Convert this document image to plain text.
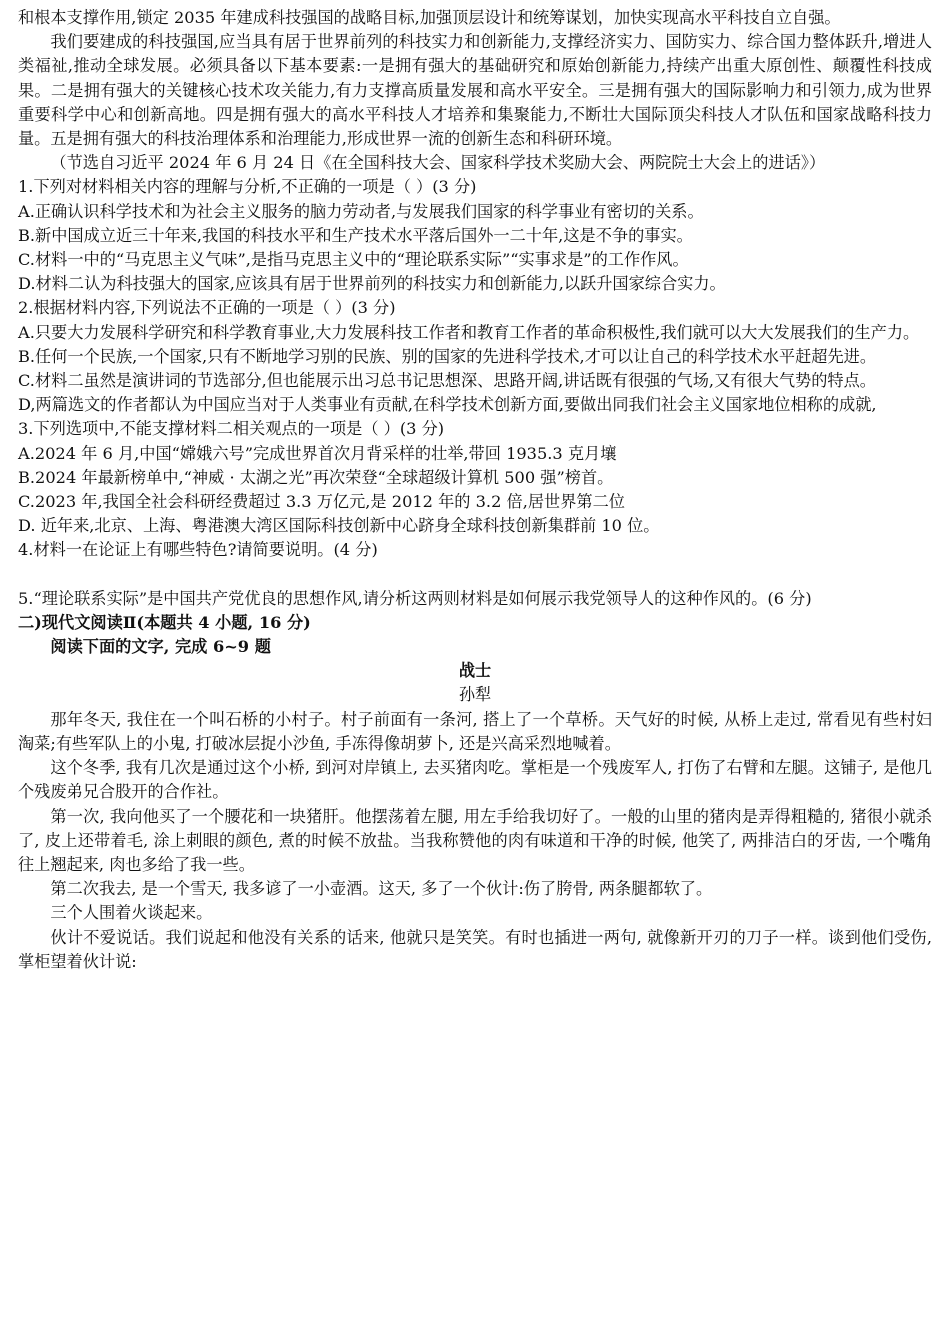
和根本支撑作用,锁定 2035 年建成科技强国的战略目标,加强顶层设计和统筹谋划，加快实现高水平科技自立自强。

我们要建成的科技强国,应当具有居于世界前列的科技实力和创新能力,支撑经济实力、国防实力、综合国力整体跃升,增进人类福祉,推动全球发展。必须具备以下基本要素:一是拥有强大的基础研究和原始创新能力,持续产出重大原创性、颠覆性科技成果。二是拥有强大的关键核心技术攻关能力,有力支撑高质量发展和高水平安全。三是拥有强大的国际影响力和引领力,成为世界重要科学中心和创新高地。四是拥有强大的高水平科技人才培养和集聚能力,不断壮大国际顶尖科技人才队伍和国家战略科技力量。五是拥有强大的科技治理体系和治理能力,形成世界一流的创新生态和科研环境。

（节选自习近平 2024 年 6 月 24 日《在全国科技大会、国家科学技术奖励大会、两院院士大会上的进话》）

1.下列对材料相关内容的理解与分析,不正确的一项是（ ）(3 分)

A.正确认识科学技术和为社会主义服务的脑力劳动者,与发展我们国家的科学事业有密切的关系。

B.新中国成立近三十年来,我国的科技水平和生产技术水平落后国外一二十年,这是不争的事实。

C.材料一中的“马克思主义气味”,是指马克思主义中的“理论联系实际”“实事求是”的工作作风。

D.材料二认为科技强大的国家,应该具有居于世界前列的科技实力和创新能力,以跃升国家综合实力。

2.根据材料内容,下列说法不正确的一项是（ ）(3 分)

A.只要大力发展科学研究和科学教育事业,大力发展科技工作者和教育工作者的革命积极性,我们就可以大大发展我们的生产力。

B.任何一个民族,一个国家,只有不断地学习别的民族、别的国家的先进科学技术,才可以让自己的科学技术水平赶超先进。

C.材料二虽然是演讲词的节选部分,但也能展示出习总书记思想深、思路开阔,讲话既有很强的气场,又有很大气势的特点。

D,两篇选文的作者都认为中国应当对于人类事业有贡献,在科学技术创新方面,要做出同我们社会主义国家地位相称的成就,

3.下列选项中,不能支撑材料二相关观点的一项是（ ）(3 分)

A.2024 年 6 月,中国“嫦娥六号”完成世界首次月背采样的壮举,带回 1935.3 克月壤

B.2024 年最新榜单中,“神威 · 太湖之光”再次荣登“全球超级计算机 500 强”榜首。

C.2023 年,我国全社会科研经费超过 3.3 万亿元,是 2012 年的 3.2 倍,居世界第二位

D. 近年来,北京、上海、粤港澳大湾区国际科技创新中心跻身全球科技创新集群前 10 位。

4.材料一在论证上有哪些特色?请简要说明。(4 分)

5.“理论联系实际”是中国共产党优良的思想作风,请分析这两则材料是如何展示我党领导人的这种作风的。(6 分)

二)现代文阅读Ⅱ(本题共 4 小题, 16 分)

阅读下面的文字, 完成 6~9 题

战士

孙犁

那年冬天, 我住在一个叫石桥的小村子。村子前面有一条河, 搭上了一个草桥。天气好的时候, 从桥上走过, 常看见有些村妇淘菜;有些军队上的小鬼, 打破冰层捉小沙鱼, 手冻得像胡萝卜, 还是兴高采烈地喊着。

这个冬季, 我有几次是通过这个小桥, 到河对岸镇上, 去买猪肉吃。掌柜是一个残废军人, 打伤了右臂和左腿。这铺子, 是他几个残废弟兄合股开的合作社。

第一次, 我向他买了一个腰花和一块猪肝。他摆荡着左腿, 用左手给我切好了。一般的山里的猪肉是弄得粗糙的, 猪很小就杀了, 皮上还带着毛, 涂上刺眼的颜色, 煮的时候不放盐。当我称赞他的肉有味道和干净的时候, 他笑了, 两排洁白的牙齿, 一个嘴角往上翘起来, 肉也多给了我一些。

第二次我去, 是一个雪天, 我多谚了一小壶酒。这天, 多了一个伙计:伤了胯骨, 两条腿都软了。

三个人围着火谈起来。

伙计不爱说话。我们说起和他没有关系的话来, 他就只是笑笑。有时也插进一两句, 就像新开刃的刀子一样。谈到他们受伤, 掌柜望着伙计说:
